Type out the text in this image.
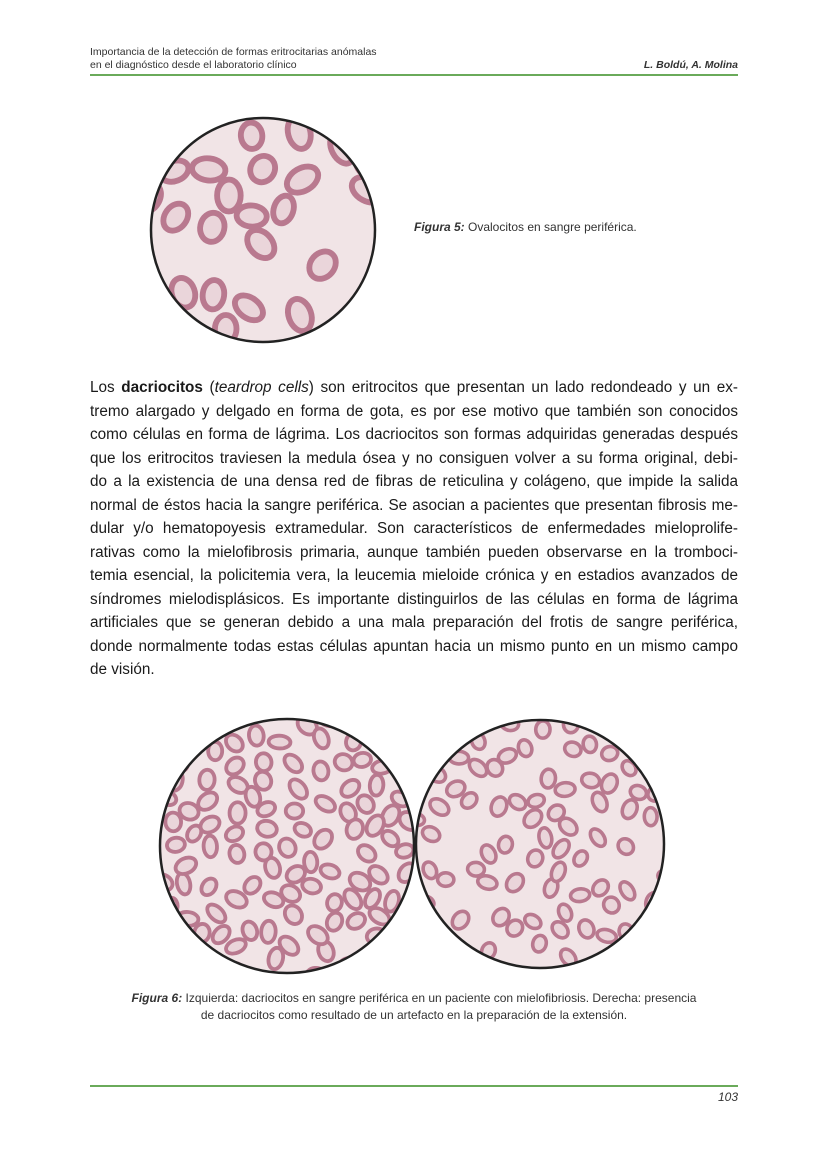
Importancia de la detección de formas eritrocitarias anómalas
en el diagnóstico desde el laboratorio clínico	L. Boldú, A. Molina
Figura 5: Ovalocitos en sangre periférica.
Los dacriocitos (teardrop cells) son eritrocitos que presentan un lado redondeado y un ex-
tremo alargado y delgado en forma de gota, es por ese motivo que también son conocidos
como células en forma de lágrima. Los dacriocitos son formas adquiridas generadas después
que los eritrocitos traviesen la medula ósea y no consiguen volver a su forma original, debi-
do a la existencia de una densa red de fibras de reticulina y colágeno, que impide la salida
normal de éstos hacia la sangre periférica. Se asocian a pacientes que presentan fibrosis me-
dular y/o hematopoyesis extramedular. Son característicos de enfermedades mieloprolife-
rativas como la mielofibrosis primaria, aunque también pueden observarse en la tromboci-
temia esencial, la policitemia vera, la leucemia mieloide crónica y en estadios avanzados de
síndromes mielodisplásicos. Es importante distinguirlos de las células en forma de lágrima
artificiales que se generan debido a una mala preparación del frotis de sangre periférica,
donde normalmente todas estas células apuntan hacia un mismo punto en un mismo campo
de visión.
Figura 6: Izquierda: dacriocitos en sangre periférica en un paciente con mielofibriosis. Derecha: presencia
de dacriocitos como resultado de un artefacto en la preparación de la extensión.
103
